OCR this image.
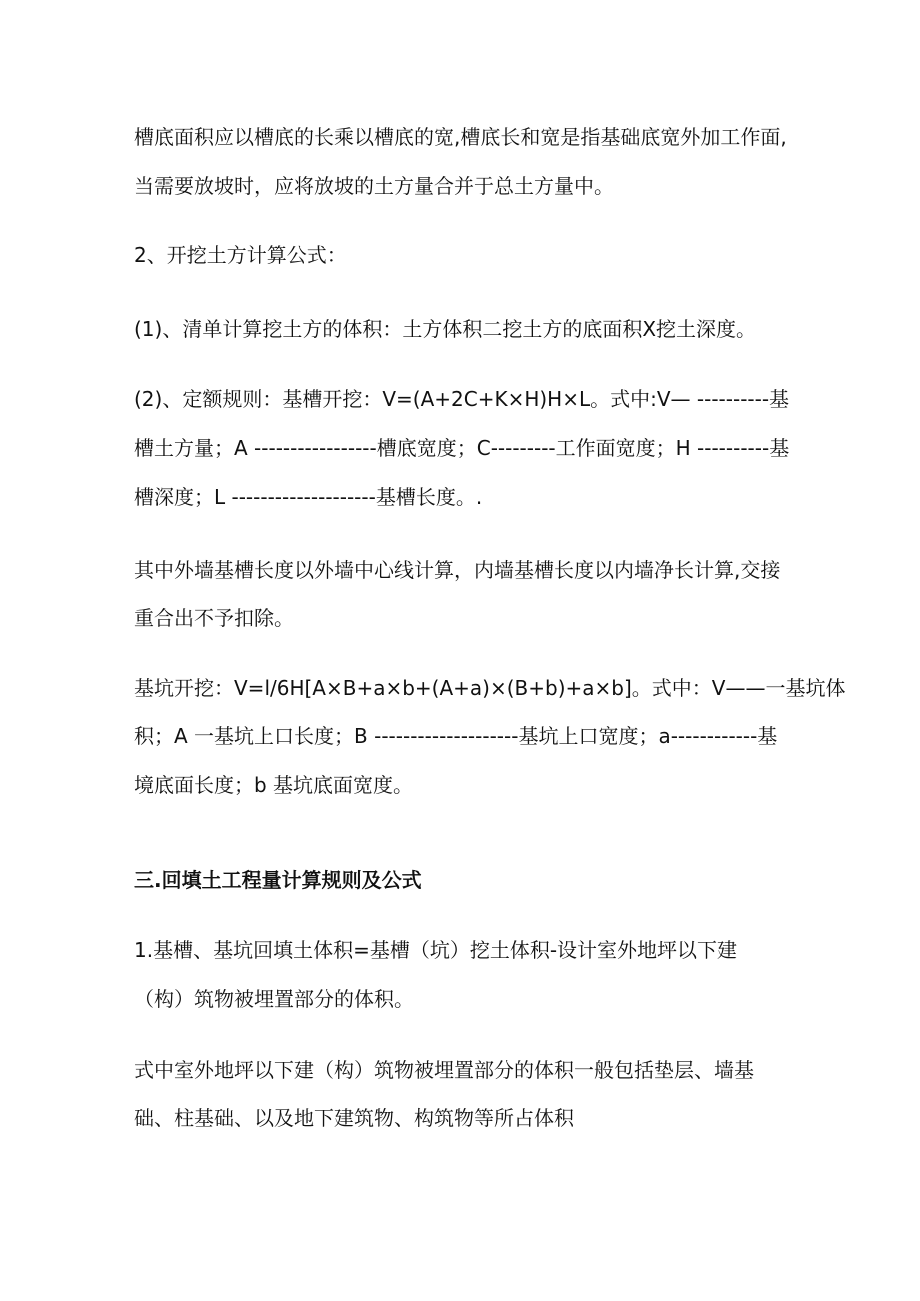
槽底面积应以槽底的长乘以槽底的宽,槽底长和宽是指基础底宽外加工作面,
当需要放坡时，应将放坡的土方量合并于总土方量中。
2、开挖土方计算公式：
(1)、清单计算挖土方的体积：土方体积二挖土方的底面积X挖土深度。
(2)、定额规则：基槽开挖：V=(A+2C+K×H)H×L。式中:V— ----------基
槽土方量；A -----------------槽底宽度；C---------工作面宽度；H ----------基
槽深度；L --------------------基槽长度。.
其中外墙基槽长度以外墙中心线计算，内墙基槽长度以内墙净长计算,交接
重合出不予扣除。
基坑开挖：V=l/6H[A×B+a×b+(A+a)×(B+b)+a×b]。式中：V——一基坑体
积；A 一基坑上口长度；B --------------------基坑上口宽度；a------------基
境底面长度；b 基坑底面宽度。
三.回填土工程量计算规则及公式
1.基槽、基坑回填土体积=基槽（坑）挖土体积-设计室外地坪以下建
（构）筑物被埋置部分的体积。
式中室外地坪以下建（构）筑物被埋置部分的体积一般包括垫层、墙基
础、柱基础、以及地下建筑物、构筑物等所占体积
